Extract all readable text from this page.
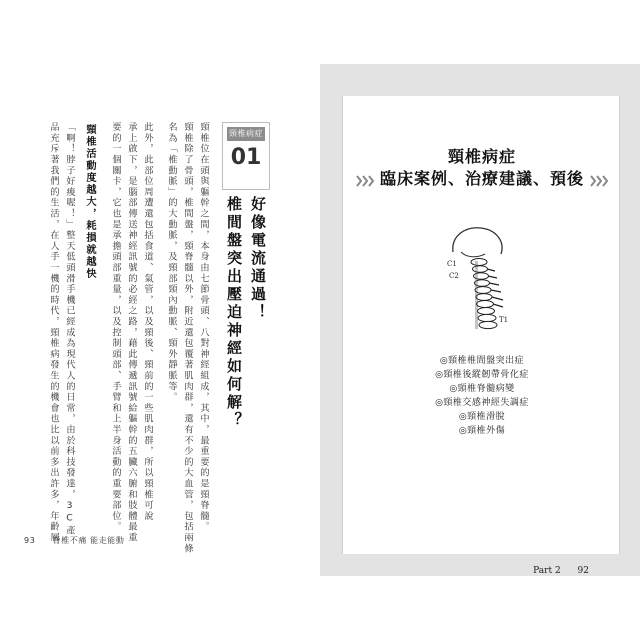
頸椎病症
01
好像電流通過！
椎間盤突出壓迫神經如何解？
頸椎位在頭與軀幹之間，本身由七節骨頭、八對神經組成，其中，最重要的是頸脊髓。
頸椎除了骨頭，椎間盤，頸脊髓以外，附近還包覆著肌肉群，還有不少的大血管，包括兩條
名為「椎動脈」的大動脈，及頸部頸內動脈、頸外靜脈等。
此外，此部位周遭還包括食道、氣管，以及頸後、頸前的一些肌肉群，所以頸椎可說
承上啟下，是腦部傳送神經訊號的必經之路，藉此傳遞訊號給軀幹的五臟六腑和肢體最重
要的一個關卡，它也是承擔頭部重量，以及控制頭部、手臂和上半身活動的重要部位。
頸椎活動度越大，耗損就越快
「啊！脖子好痠喔！」整天低頭滑手機已經成為現代人的日常，由於科技發達，3C產
品充斥著我們的生活，在人手一機的時代，頸椎病發生的機會也比以前多出許多，年齡層
93 脊椎不痛 能走能動
頸椎病症
臨床案例、治療建議、預後
C1
C2
T1
◎頸椎椎間盤突出症
◎頸椎後縱韌帶骨化症
◎頸椎脊髓病變
◎頸椎交感神經失調症
◎頸椎滑脫
◎頸椎外傷
Part 2 92
